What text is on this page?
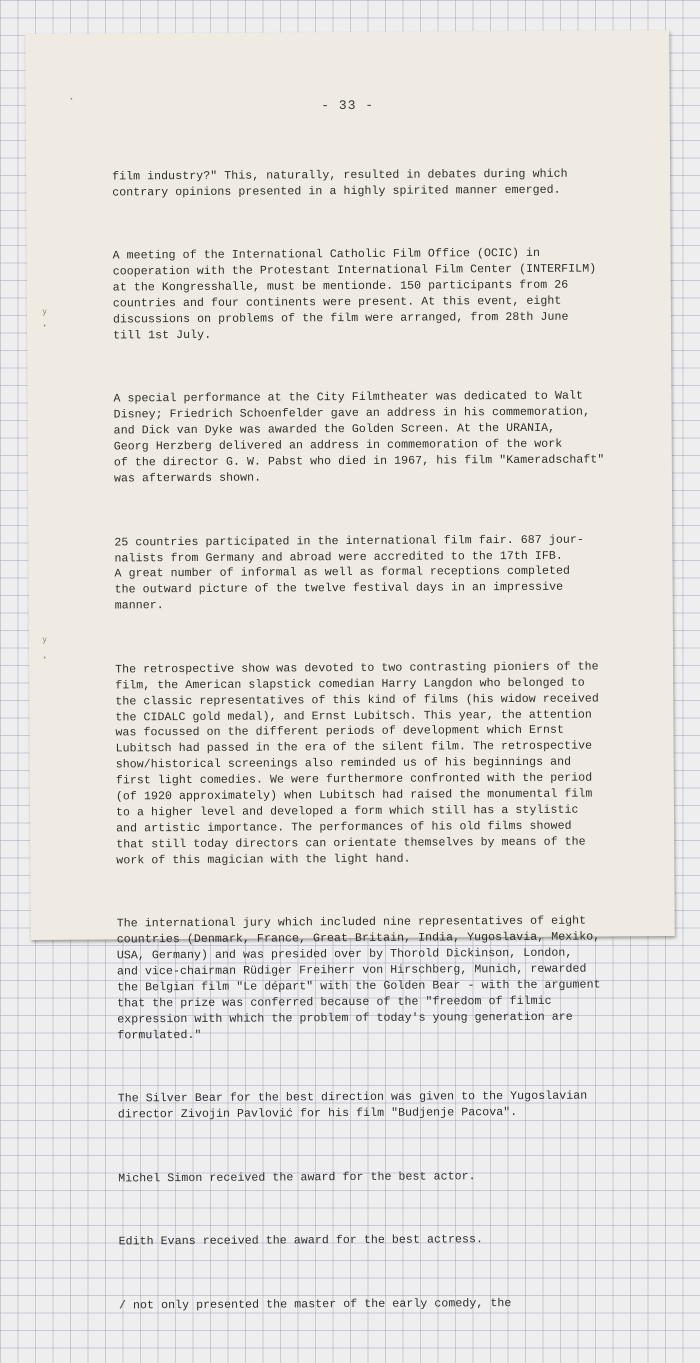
- 33 -

film industry?" This, naturally, resulted in debates during which
contrary opinions presented in a highly spirited manner emerged.

A meeting of the International Catholic Film Office (OCIC) in
cooperation with the Protestant International Film Center (INTERFILM)
at the Kongresshalle, must be mentionde. 150 participants from 26
countries and four continents were present. At this event, eight
discussions on problems of the film were arranged, from 28th June
till 1st July.

A special performance at the City Filmtheater was dedicated to Walt
Disney; Friedrich Schoenfelder gave an address in his commemoration,
and Dick van Dyke was awarded the Golden Screen. At the URANIA,
Georg Herzberg delivered an address in commemoration of the work
of the director G. W. Pabst who died in 1967, his film "Kameradschaft"
was afterwards shown.

25 countries participated in the international film fair. 687 jour-
nalists from Germany and abroad were accredited to the 17th IFB.
A great number of informal as well as formal receptions completed
the outward picture of the twelve festival days in an impressive
manner.

The retrospective show was devoted to two contrasting pioniers of the
film, the American slapstick comedian Harry Langdon who belonged to
the classic representatives of this kind of films (his widow received
the CIDALC gold medal), and Ernst Lubitsch. This year, the attention
was focussed on the different periods of development which Ernst
Lubitsch had passed in the era of the silent film. The retrospective
show/historical screenings also reminded us of his beginnings and
first light comedies. We were furthermore confronted with the period
(of 1920 approximately) when Lubitsch had raised the monumental film
to a higher level and developed a form which still has a stylistic
and artistic importance. The performances of his old films showed
that still today directors can orientate themselves by means of the
work of this magician with the light hand.

The international jury which included nine representatives of eight
countries (Denmark, France, Great Britain, India, Yugoslavia, Mexiko,
USA, Germany) and was presided over by Thorold Dickinson, London,
and vice-chairman Rüdiger Freiherr von Hirschberg, Munich, rewarded
the Belgian film "Le départ" with the Golden Bear - with the argument
that the prize was conferred because of the "freedom of filmic
expression with which the problem of today's young generation are
formulated."

The Silver Bear for the best direction was given to the Yugoslavian
director Zivojin Pavlović for his film "Budjenje Pacova".

Michel Simon received the award for the best actor.

Edith Evans received the award for the best actress.

/ not only presented the master of the early comedy, the

•
ʸ
·
ʸ
·
